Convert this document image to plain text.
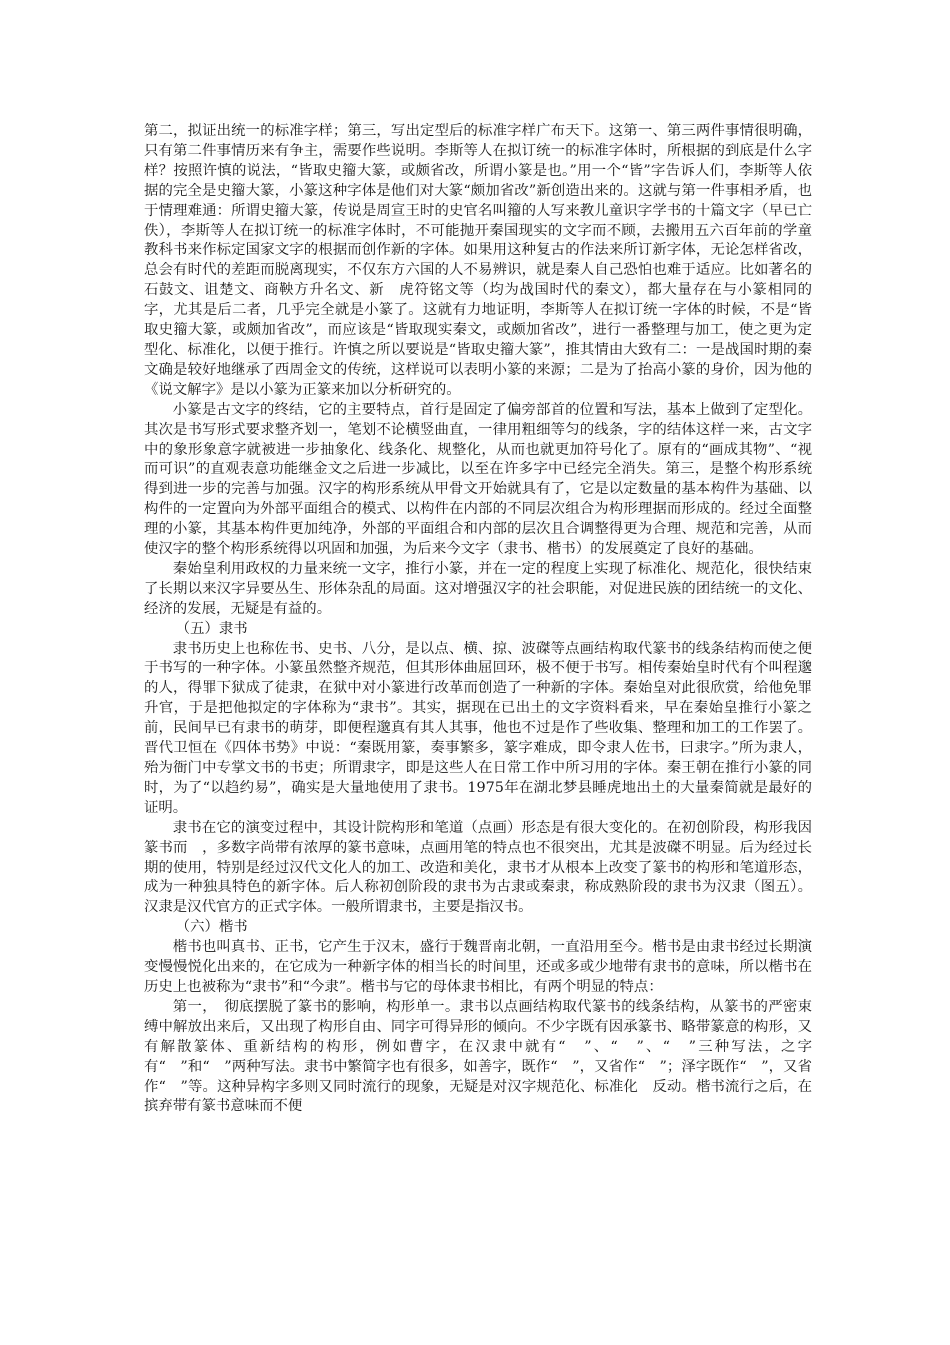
第二，拟证出统一的标准字样；第三，写出定型后的标准字样广布天下。这第一、第三两件事情很明确，只有第二件事情历来有争主，需要作些说明。李斯等人在拟订统一的标准字体时，所根据的到底是什么字样？按照许慎的说法，“皆取史籀大篆，或颇省改，所谓小篆是也。”用一个“皆”字告诉人们，李斯等人依据的完全是史籀大篆，小篆这种字体是他们对大篆“颇加省改”新创造出来的。这就与第一件事相矛盾，也于情理难通：所谓史籀大篆，传说是周宣王时的史官名叫籀的人写来教儿童识字学书的十篇文字（早已亡佚），李斯等人在拟订统一的标准字体时，不可能抛开秦国现实的文字而不顾，去搬用五六百年前的学童教科书来作标定国家文字的根据而创作新的字体。如果用这种复古的作法来所订新字体，无论怎样省改，总会有时代的差距而脱离现实，不仅东方六国的人不易辨识，就是秦人自己恐怕也难于适应。比如著名的石鼓文、诅楚文、商鞅方升名文、新　虎符铭文等（均为战国时代的秦文），都大量存在与小篆相同的字，尤其是后二者，几乎完全就是小篆了。这就有力地证明，李斯等人在拟订统一字体的时候，不是“皆取史籀大篆，或颇加省改”，而应该是“皆取现实秦文，或颇加省改”，进行一番整理与加工，使之更为定型化、标准化，以便于推行。许慎之所以要说是“皆取史籀大篆”，推其情由大致有二：一是战国时期的秦文确是较好地继承了西周金文的传统，这样说可以表明小篆的来源；二是为了抬高小篆的身价，因为他的《说文解字》是以小篆为正篆来加以分析研究的。

小篆是古文字的终结，它的主要特点，首行是固定了偏旁部首的位置和写法，基本上做到了定型化。其次是书写形式要求整齐划一，笔划不论横竖曲直，一律用粗细等匀的线条，字的结体这样一来，古文字中的象形象意字就被进一步抽象化、线条化、规整化，从而也就更加符号化了。原有的“画成其物”、“视而可识”的直观表意功能继金文之后进一步减比，以至在许多字中已经完全消失。第三，是整个构形系统得到进一步的完善与加强。汉字的构形系统从甲骨文开始就具有了，它是以定数量的基本构件为基础、以构件的一定置向为外部平面组合的模式、以构件在内部的不同层次组合为构形理据而形成的。经过全面整理的小篆，其基本构件更加纯净，外部的平面组合和内部的层次且合调整得更为合理、规范和完善，从而使汉字的整个构形系统得以巩固和加强，为后来今文字（隶书、楷书）的发展奠定了良好的基础。

秦始皇利用政权的力量来统一文字，推行小篆，并在一定的程度上实现了标准化、规范化，很快结束了长期以来汉字异要丛生、形体杂乱的局面。这对增强汉字的社会职能，对促进民族的团结统一的文化、经济的发展，无疑是有益的。

（五）隶书

隶书历史上也称佐书、史书、八分，是以点、横、掠、波磔等点画结构取代篆书的线条结构而使之便于书写的一种字体。小篆虽然整齐规范，但其形体曲屈回环，极不便于书写。相传秦始皇时代有个叫程邈的人，得罪下狱成了徒隶，在狱中对小篆进行改革而创造了一种新的字体。秦始皇对此很欣赏，给他免罪升官，于是把他拟定的字体称为“隶书”。其实，据现在已出土的文字资料看来，早在秦始皇推行小篆之前，民间早已有隶书的萌芽，即便程邈真有其人其事，他也不过是作了些收集、整理和加工的工作罢了。晋代卫恒在《四体书势》中说：“秦既用篆，奏事繁多，篆字难成，即令隶人佐书，曰隶字。”所为隶人，殆为衙门中专掌文书的书吏；所谓隶字，即是这些人在日常工作中所习用的字体。秦王朝在推行小篆的同时，为了“以趋约易”，确实是大量地使用了隶书。1975年在湖北梦县睡虎地出土的大量秦简就是最好的证明。

隶书在它的演变过程中，其设计院构形和笔道（点画）形态是有很大变化的。在初创阶段，构形我因篆书而　，多数字尚带有浓厚的篆书意味，点画用笔的特点也不很突出，尤其是波磔不明显。后为经过长期的使用，特别是经过汉代文化人的加工、改造和美化，隶书才从根本上改变了篆书的构形和笔道形态，成为一种独具特色的新字体。后人称初创阶段的隶书为古隶或秦隶，称成熟阶段的隶书为汉隶（图五）。汉隶是汉代官方的正式字体。一般所谓隶书，主要是指汉书。

（六）楷书

楷书也叫真书、正书，它产生于汉末，盛行于魏晋南北朝，一直沿用至今。楷书是由隶书经过长期演变慢慢悦化出来的，在它成为一种新字体的相当长的时间里，还或多或少地带有隶书的意味，所以楷书在历史上也被称为“隶书”和“今隶”。楷书与它的母体隶书相比，有两个明显的特点：

第一，　彻底摆脱了篆书的影响，构形单一。隶书以点画结构取代篆书的线条结构，从篆书的严密束缚中解放出来后，又出现了构形自由、同字可得异形的倾向。不少字既有因承篆书、略带篆意的构形，又有解散篆体、重新结构的构形，例如曹字，在汉隶中就有“　”、“　”、“　”三种写法，之字有“　”和“　”两种写法。隶书中繁简字也有很多，如善字，既作“　”，又省作“　”；泽字既作“　”，又省作“　”等。这种异构字多则又同时流行的现象，无疑是对汉字规范化、标准化　反动。楷书流行之后，在摈弃带有篆书意味而不便
